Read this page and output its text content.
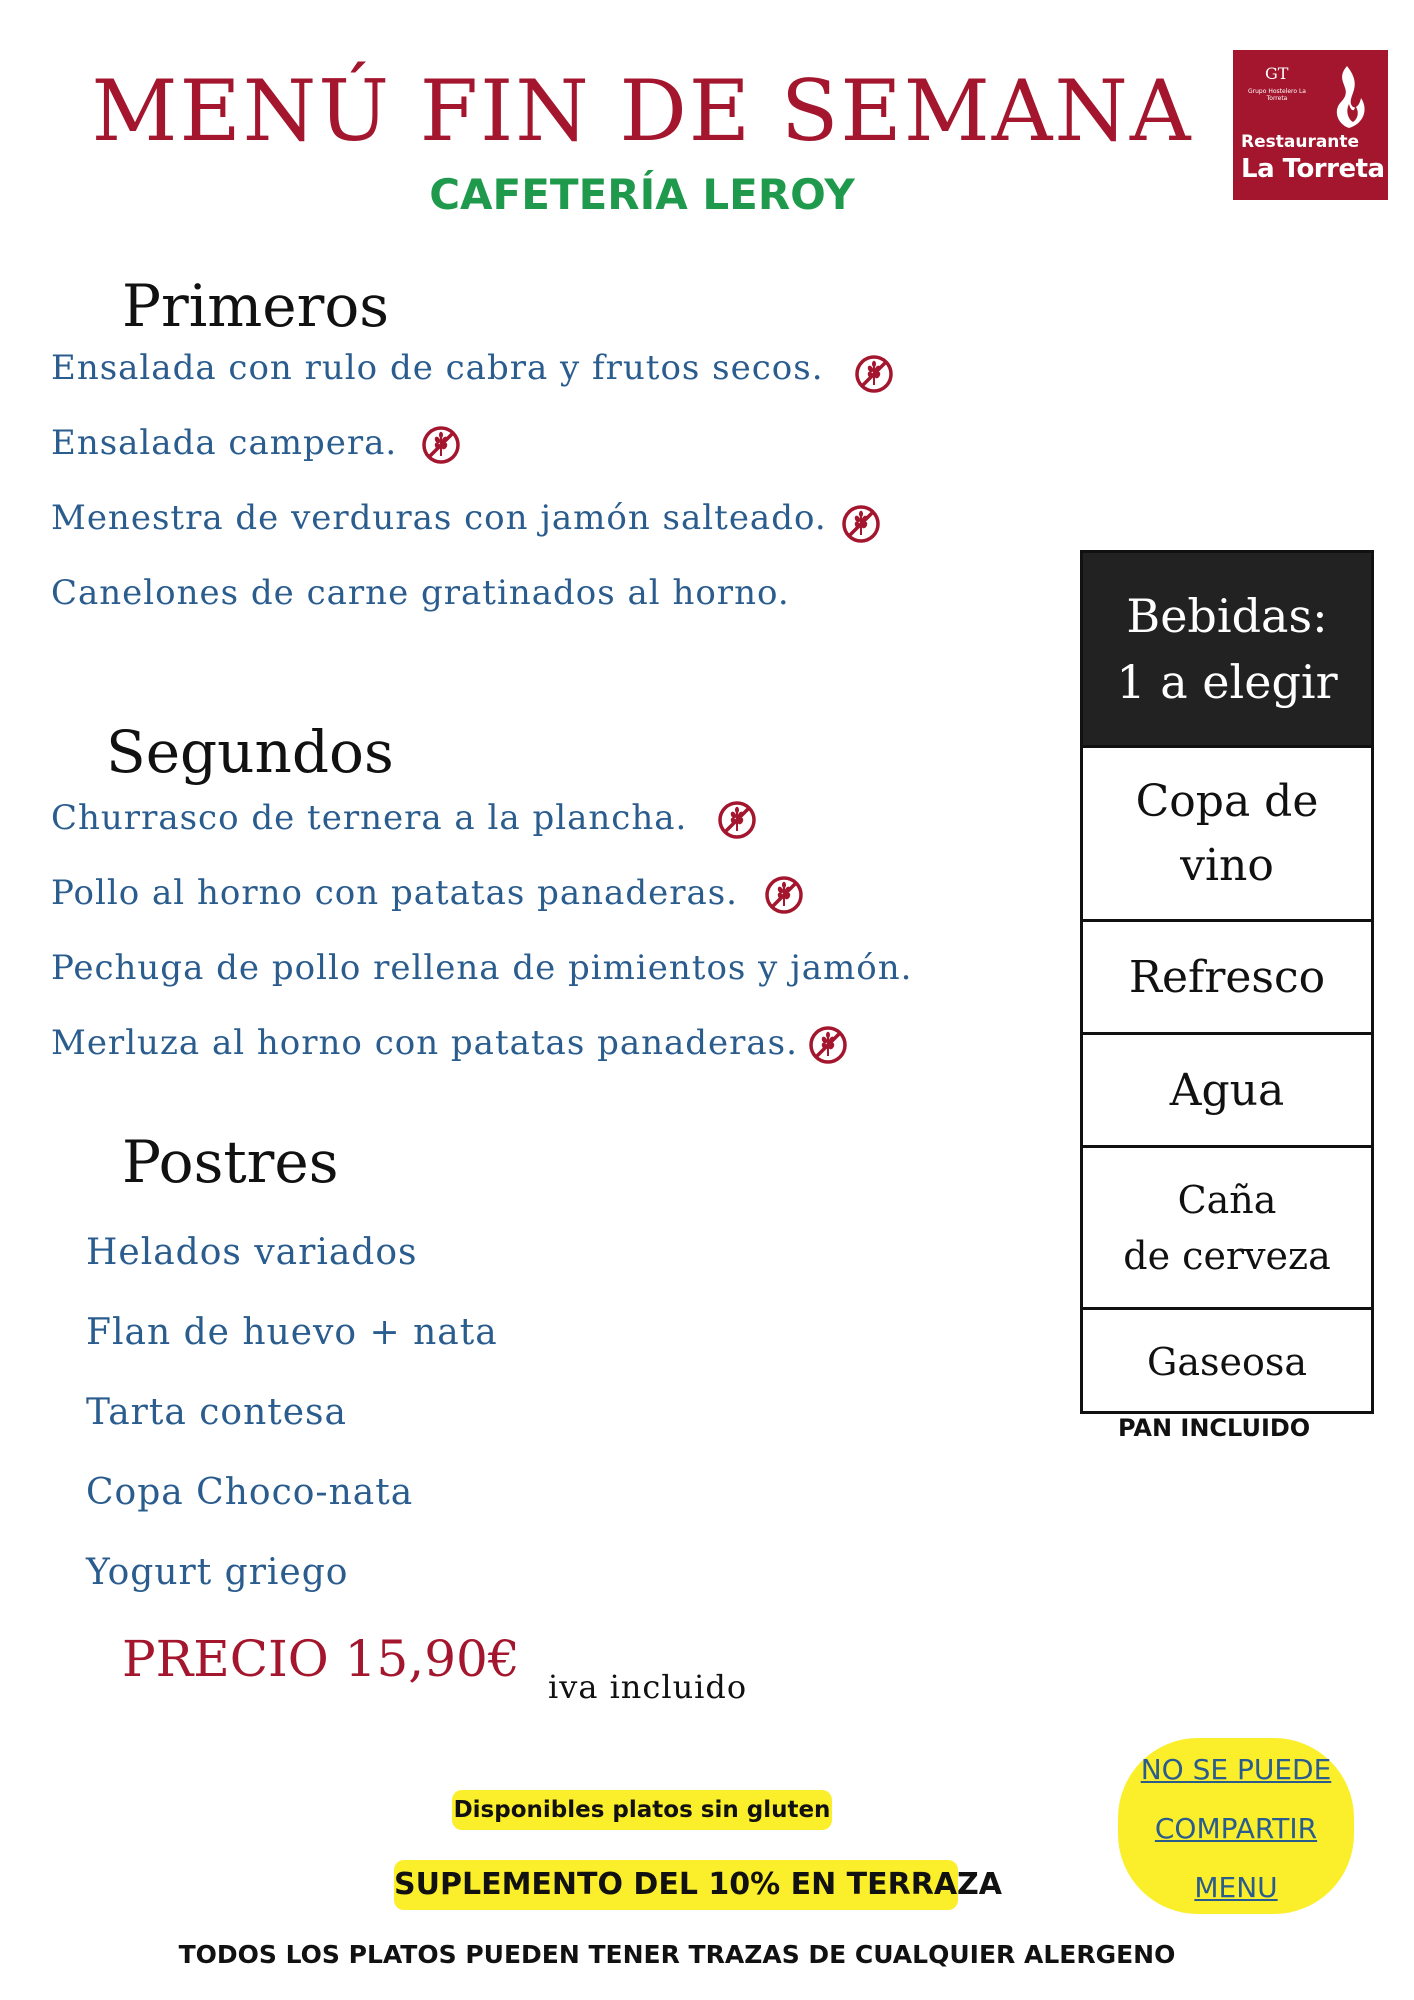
MENÚ FIN DE SEMANA
CAFETERÍA LEROY
GT
Grupo Hostelero La Torreta
Restaurante
La Torreta
Primeros
Ensalada con rulo de cabra y frutos secos.
Ensalada campera.
Menestra de verduras con jamón salteado.
Canelones de carne gratinados al horno.
Segundos
Churrasco de ternera a la plancha.
Pollo al horno con patatas panaderas.
Pechuga de pollo rellena de pimientos y jamón.
Merluza al horno con patatas panaderas.
Postres
Helados variados
Flan de huevo + nata
Tarta contesa
Copa Choco-nata
Yogurt griego
PRECIO 15,90€ iva incluido
Bebidas:
1 a elegir
Copa de
vino
Refresco
Agua
Caña
de cerveza
Gaseosa
PAN INCLUIDO
Disponibles platos sin gluten
SUPLEMENTO DEL 10% EN TERRAZA
NO SE PUEDE
COMPARTIR
MENU
TODOS LOS PLATOS PUEDEN TENER TRAZAS DE CUALQUIER ALERGENO
